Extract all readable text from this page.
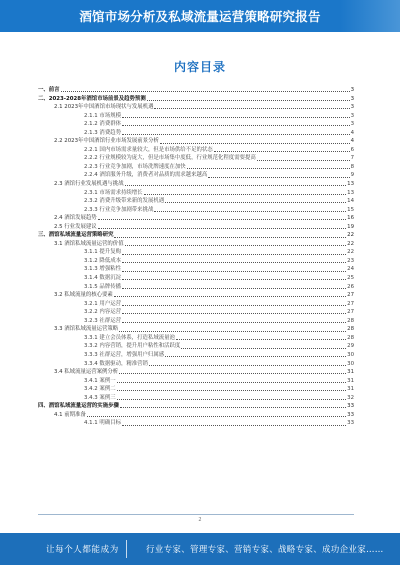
酒馆市场分析及私域流量运营策略研究报告
内容目录
一、前言	3
二、2023-2028年酒馆市场前景及趋势预测	3
2.1 2023年中国酒馆市场现状与发展机遇	3
2.1.1 市场规模	3
2.1.2 消费群体	3
2.1.3 消费趋势	4
2.2 2023年中国酒馆行业市场发展前景分析	4
2.2.1 国内市场需求量较大，但是市场供给不足的状态	6
2.2.2 行业规模较为庞大，但是市场集中度低，行业规范化程度需要提高	7
2.2.3 行业竞争加剧，市场洗牌速度在加快	8
2.2.4 酒馆服务升级，消费者对品质的需求越来越高	9
2.3 酒馆行业发展机遇与挑战	13
2.3.1 市场需求持续增长	13
2.3.2 消费升级带来新的发展机遇	14
2.3.3 行业竞争加剧带来挑战	15
2.4 酒馆发展趋势	16
2.5 行业发展建议	19
三、酒馆私域流量运营策略研究	22
3.1 酒馆私域流量运营的价值	22
3.1.1 提升复购	22
3.1.2 降低成本	23
3.1.3 增强粘性	24
3.1.4 数据沉淀	25
3.1.5 品牌传播	26
3.2 私域流量的核心要素	27
3.2.1 用户运营	27
3.2.2 内容运营	27
3.2.3 社群运营	28
3.3 酒馆私域流量运营策略	28
3.3.1 建立会员体系，打造私域流量池	28
3.3.2 内容营销，提升用户粘性和活跃度	29
3.3.3 社群运营，增强用户归属感	30
3.3.4 数据驱动，精准营销	30
3.4 私域流量运营案例分析	31
3.4.1 案例一	31
3.4.2 案例二	31
3.4.3 案例三	32
四、酒馆私域流量运营的实施步骤	33
4.1 前期准备	33
4.1.1 明确目标	33
2
让每个人都能成为	行业专家、管理专家、营销专家、战略专家、成功企业家……
